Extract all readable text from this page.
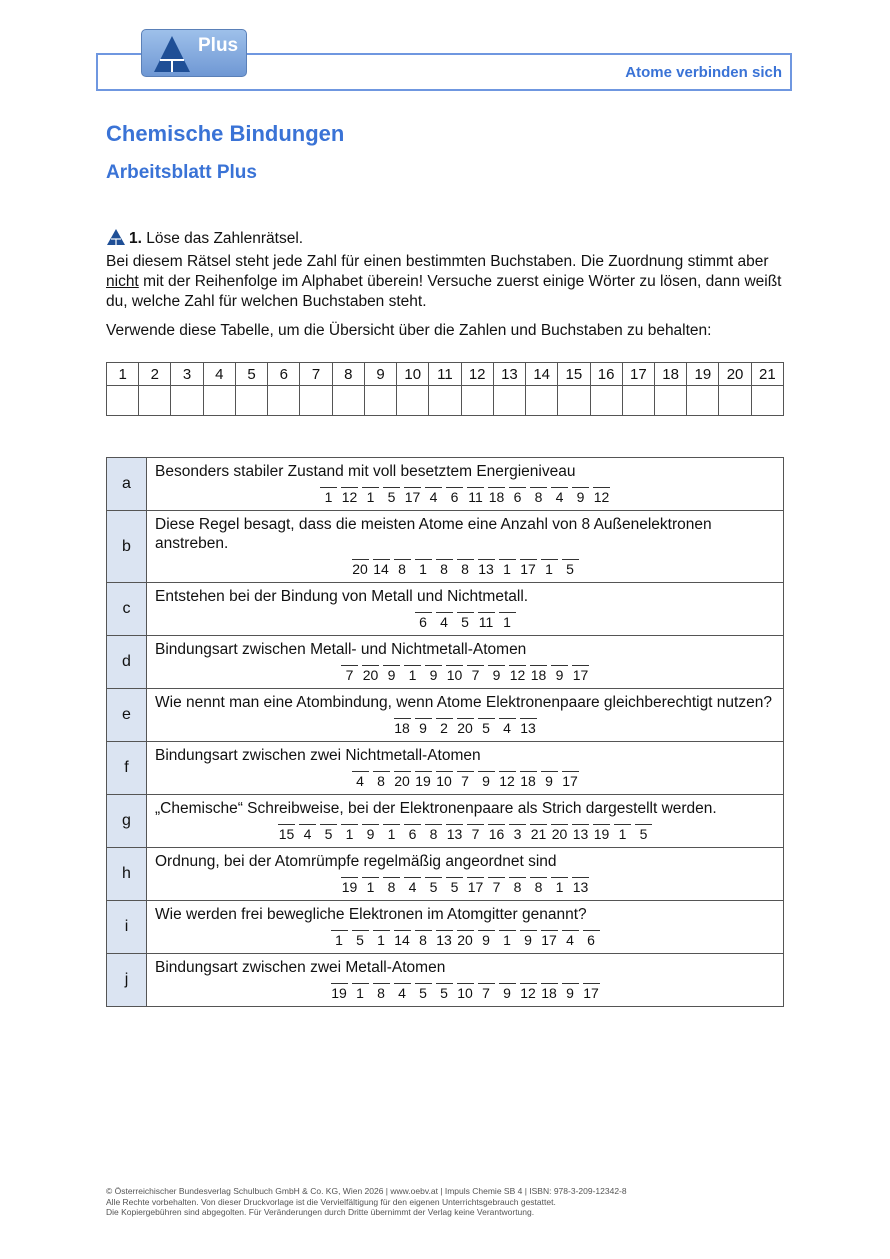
Atome verbinden sich
Plus
Chemische Bindungen
Arbeitsblatt Plus
1. Löse das Zahlenrätsel.

Bei diesem Rätsel steht jede Zahl für einen bestimmten Buchstaben. Die Zuordnung stimmt aber nicht mit der Reihenfolge im Alphabet überein! Versuche zuerst einige Wörter zu lösen, dann weißt du, welche Zahl für welchen Buchstaben steht.

Verwende diese Tabelle, um die Übersicht über die Zahlen und Buchstaben zu behalten:
1	2	3	4	5	6	7	8	9	10	11	12	13	14	15	16	17	18	19	20	21

a	Besonders stabiler Zustand mit voll besetztem Energieniveau

1 12 1 5 17 4 6 11 18 6 8 4 9 12

b	Diese Regel besagt, dass die meisten Atome eine Anzahl von 8 Außenelektronen anstreben.

20 14 8 1 8 8 13 1 17 1 5

c	Entstehen bei der Bindung von Metall und Nichtmetall.

6 4 5 11 1

d	Bindungsart zwischen Metall- und Nichtmetall-Atomen

7 20 9 1 9 10 7 9 12 18 9 17

e	Wie nennt man eine Atombindung, wenn Atome Elektronenpaare gleichberechtigt nutzen?

18 9 2 20 5 4 13

f	Bindungsart zwischen zwei Nichtmetall-Atomen

4 8 20 19 10 7 9 12 18 9 17

g	„Chemische“ Schreibweise, bei der Elektronenpaare als Strich dargestellt werden.

15 4 5 1 9 1 6 8 13 7 16 3 21 20 13 19 1 5

h	Ordnung, bei der Atomrümpfe regelmäßig angeordnet sind

19 1 8 4 5 5 17 7 8 8 1 13

i	Wie werden frei bewegliche Elektronen im Atomgitter genannt?

1 5 1 14 8 13 20 9 1 9 17 4 6

j	Bindungsart zwischen zwei Metall-Atomen

19 1 8 4 5 5 10 7 9 12 18 9 17
© Österreichischer Bundesverlag Schulbuch GmbH & Co. KG, Wien 2026 | www.oebv.at | Impuls Chemie SB 4 | ISBN: 978-3-209-12342-8
Alle Rechte vorbehalten. Von dieser Druckvorlage ist die Vervielfältigung für den eigenen Unterrichtsgebrauch gestattet.
Die Kopiergebühren sind abgegolten. Für Veränderungen durch Dritte übernimmt der Verlag keine Verantwortung.
